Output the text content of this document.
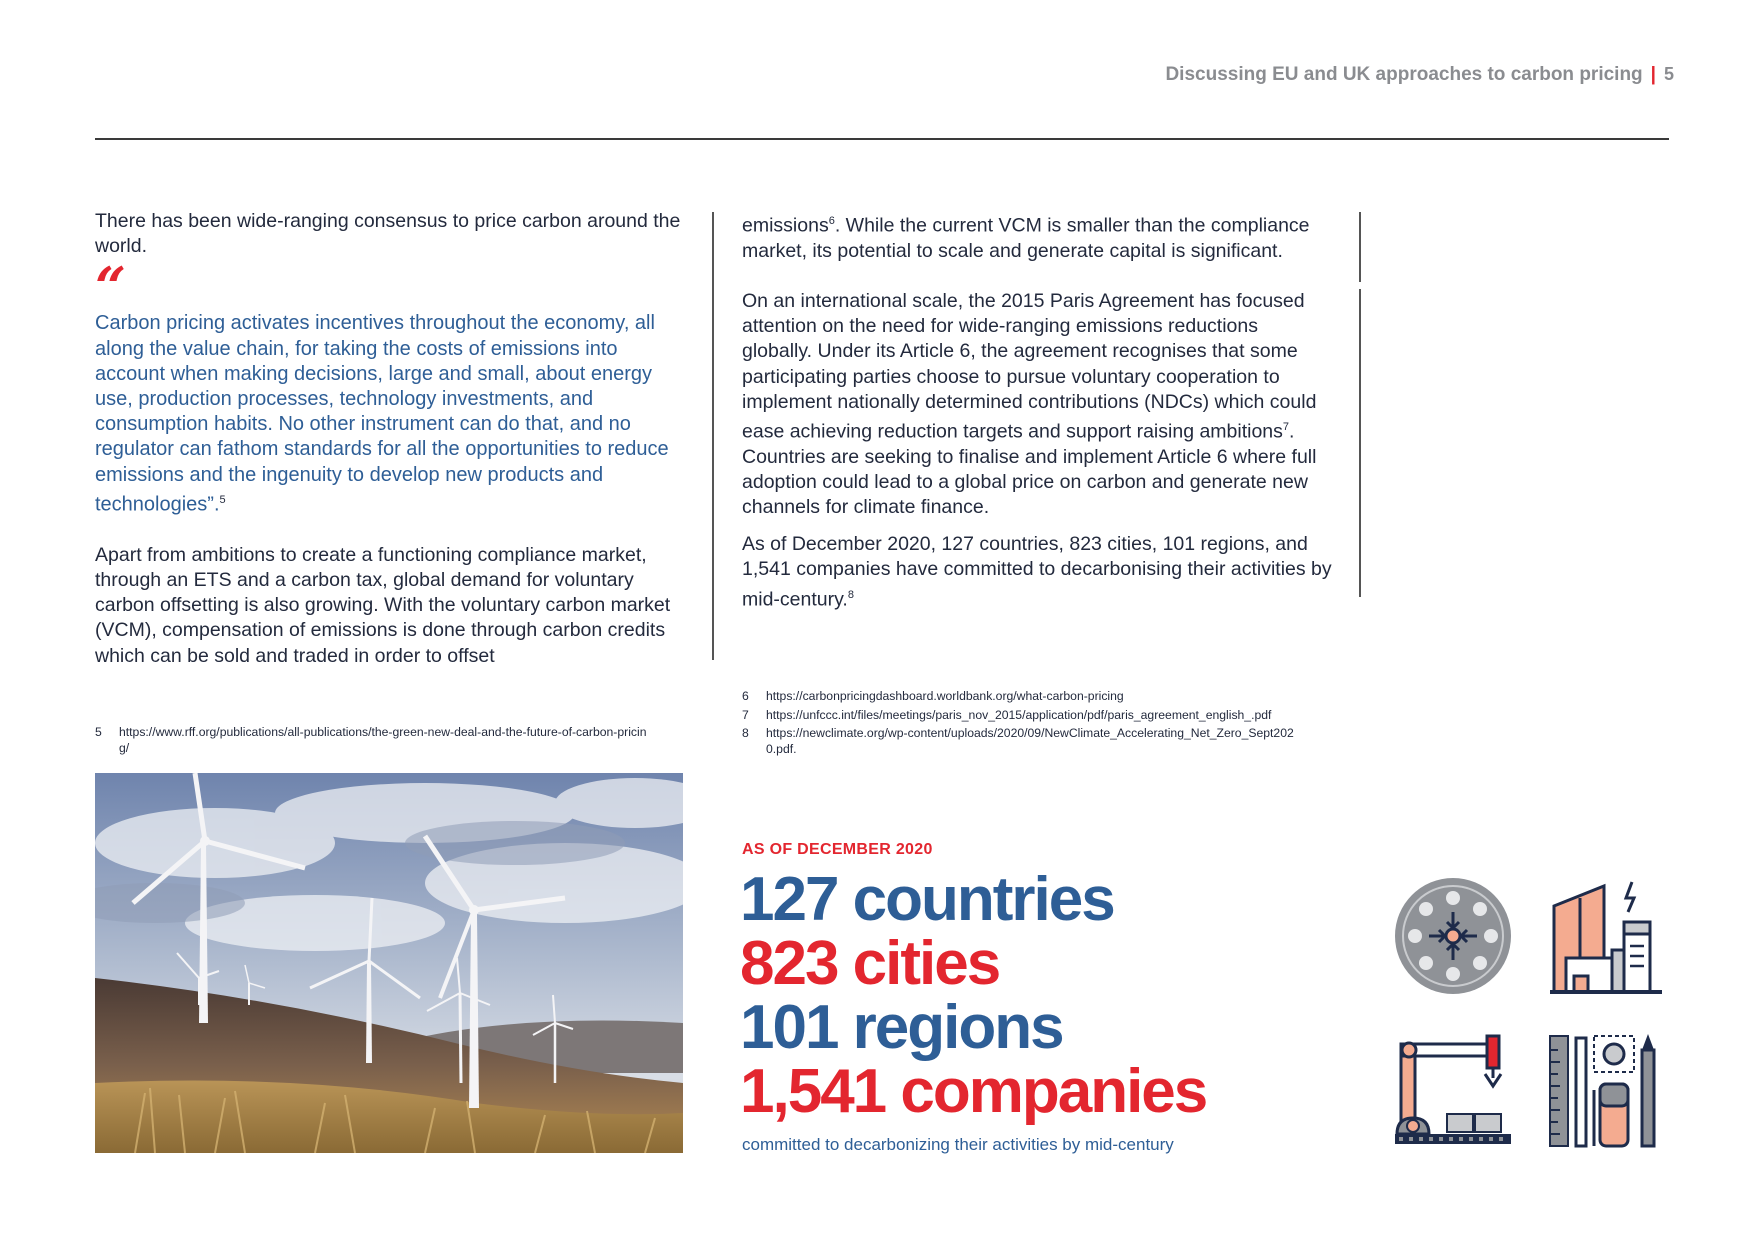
Discussing EU and UK approaches to carbon pricing | 5

There has been wide-ranging consensus to price carbon around the world.

“

Carbon pricing activates incentives throughout the economy, all along the value chain, for taking the costs of emissions into account when making decisions, large and small, about energy use, production processes, technology investments, and consumption habits. No other instrument can do that, and no regulator can fathom standards for all the opportunities to reduce emissions and the ingenuity to develop new products and technologies”.$^5$

Apart from ambitions to create a functioning compliance market, through an ETS and a carbon tax, global demand for voluntary carbon offsetting is also growing. With the voluntary carbon market (VCM), compensation of emissions is done through carbon credits which can be sold and traded in order to offset

emissions$^6$. While the current VCM is smaller than the compliance market, its potential to scale and generate capital is significant.

On an international scale, the 2015 Paris Agreement has focused attention on the need for wide-ranging emissions reductions globally. Under its Article 6, the agreement recognises that some participating parties choose to pursue voluntary cooperation to implement nationally determined contributions (NDCs) which could ease achieving reduction targets and support raising ambitions$^7$. Countries are seeking to finalise and implement Article 6 where full adoption could lead to a global price on carbon and generate new channels for climate finance.

As of December 2020, 127 countries, 823 cities, 101 regions, and 1,541 companies have committed to decarbonising their activities by mid-century.$^8$

5	https://www.rff.org/publications/all-publications/the-green-new-deal-and-the-future-of-carbon-pricing/
6	https://carbonpricingdashboard.worldbank.org/what-carbon-pricing
7	https://unfccc.int/files/meetings/paris_nov_2015/application/pdf/paris_agreement_english_.pdf
8	https://newclimate.org/wp-content/uploads/2020/09/NewClimate_Accelerating_Net_Zero_Sept2020.pdf.
AS OF DECEMBER 2020
127 countries
823 cities
101 regions
1,541 companies
committed to decarbonizing their activities by mid-century
